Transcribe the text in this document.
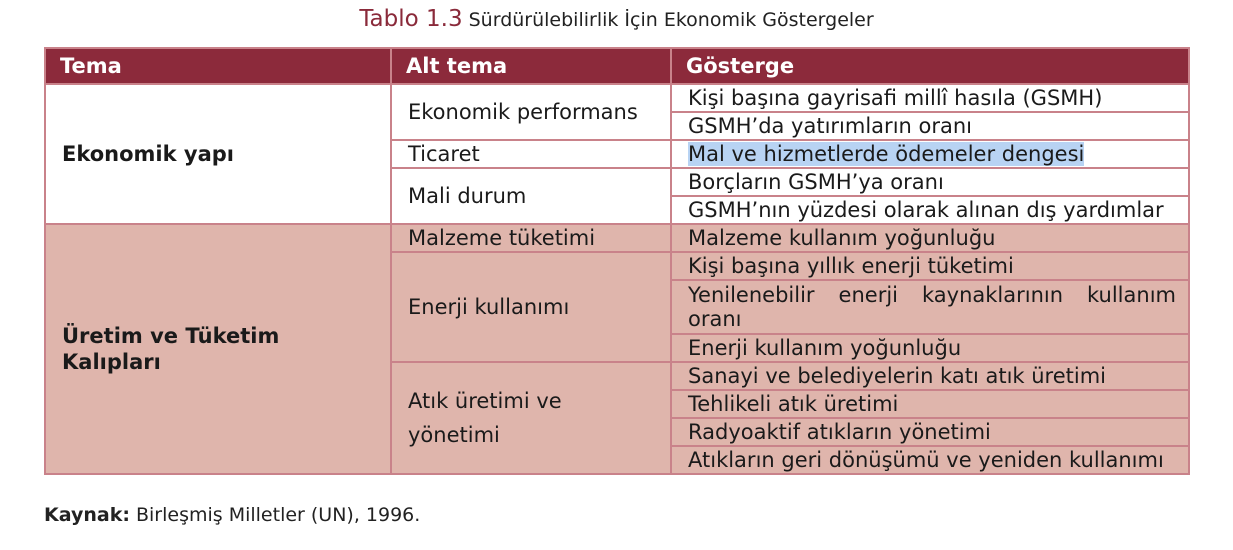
Tablo 1.3 Sürdürülebilirlik İçin Ekonomik Göstergeler
Tema	Alt tema	Gösterge
Ekonomik yapı	Ekonomik performans	Kişi başına gayrisafi millî hasıla (GSMH)
		GSMH’da yatırımların oranı
	Ticaret	Mal ve hizmetlerde ödemeler dengesi
	Mali durum	Borçların GSMH’ya oranı
		GSMH’nın yüzdesi olarak alınan dış yardımlar
Üretim ve Tüketim Kalıpları	Malzeme tüketimi	Malzeme kullanım yoğunluğu
	Enerji kullanımı	Kişi başına yıllık enerji tüketimi
		Yenilenebilir enerji kaynaklarının kullanım oranı
		Enerji kullanım yoğunluğu

	Atık üretimi ve yönetimi	Sanayi ve belediyelerin katı atık üretimi
		Tehlikeli atık üretimi
		Radyoaktif atıkların yönetimi
		Atıkların geri dönüşümü ve yeniden kullanımı
Kaynak: Birleşmiş Milletler (UN), 1996.
